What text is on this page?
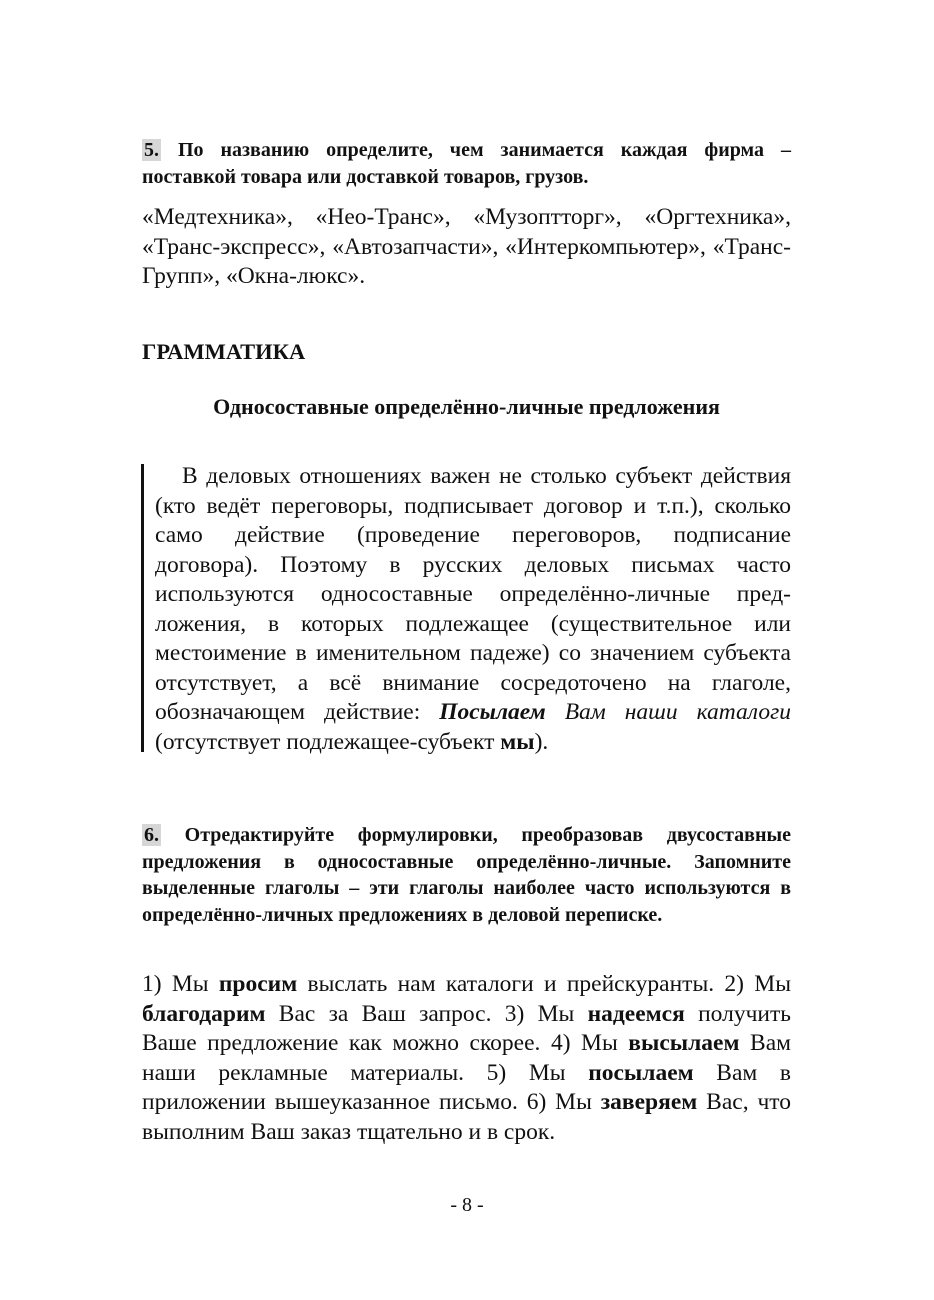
5. По названию определите, чем занимается каждая фирма – поставкой товара или доставкой товаров, грузов.
«Медтехника», «Нео-Транс», «Музоптторг», «Оргтехника», «Транс-экспресс», «Автозапчасти», «Интеркомпьютер», «Транс-Групп», «Окна-люкс».
ГРАММАТИКА
Односоставные определённо-личные предложения
В деловых отношениях важен не столько субъект действия (кто ведёт переговоры, подписывает договор и т.п.), сколько само действие (проведение переговоров, подписание договора). Поэтому в русских деловых письмах часто используются односоставные определённо-личные предложения, в которых подлежащее (существительное или местоимение в именительном падеже) со значением субъекта отсутствует, а всё внимание сосредоточено на глаголе, обозначающем действие: Посылаем Вам наши каталоги (отсутствует подлежащее-субъект мы).
6. Отредактируйте формулировки, преобразовав двусоставные предложения в односоставные определённо-личные. Запомните выделенные глаголы – эти глаголы наиболее часто используются в определённо-личных предложениях в деловой переписке.
1) Мы просим выслать нам каталоги и прейскуранты. 2) Мы благодарим Вас за Ваш запрос. 3) Мы надеемся получить Ваше предложение как можно скорее. 4) Мы высылаем Вам наши рекламные материалы. 5) Мы посылаем Вам в приложении вышеуказанное письмо. 6) Мы заверяем Вас, что выполним Ваш заказ тщательно и в срок.
- 8 -
